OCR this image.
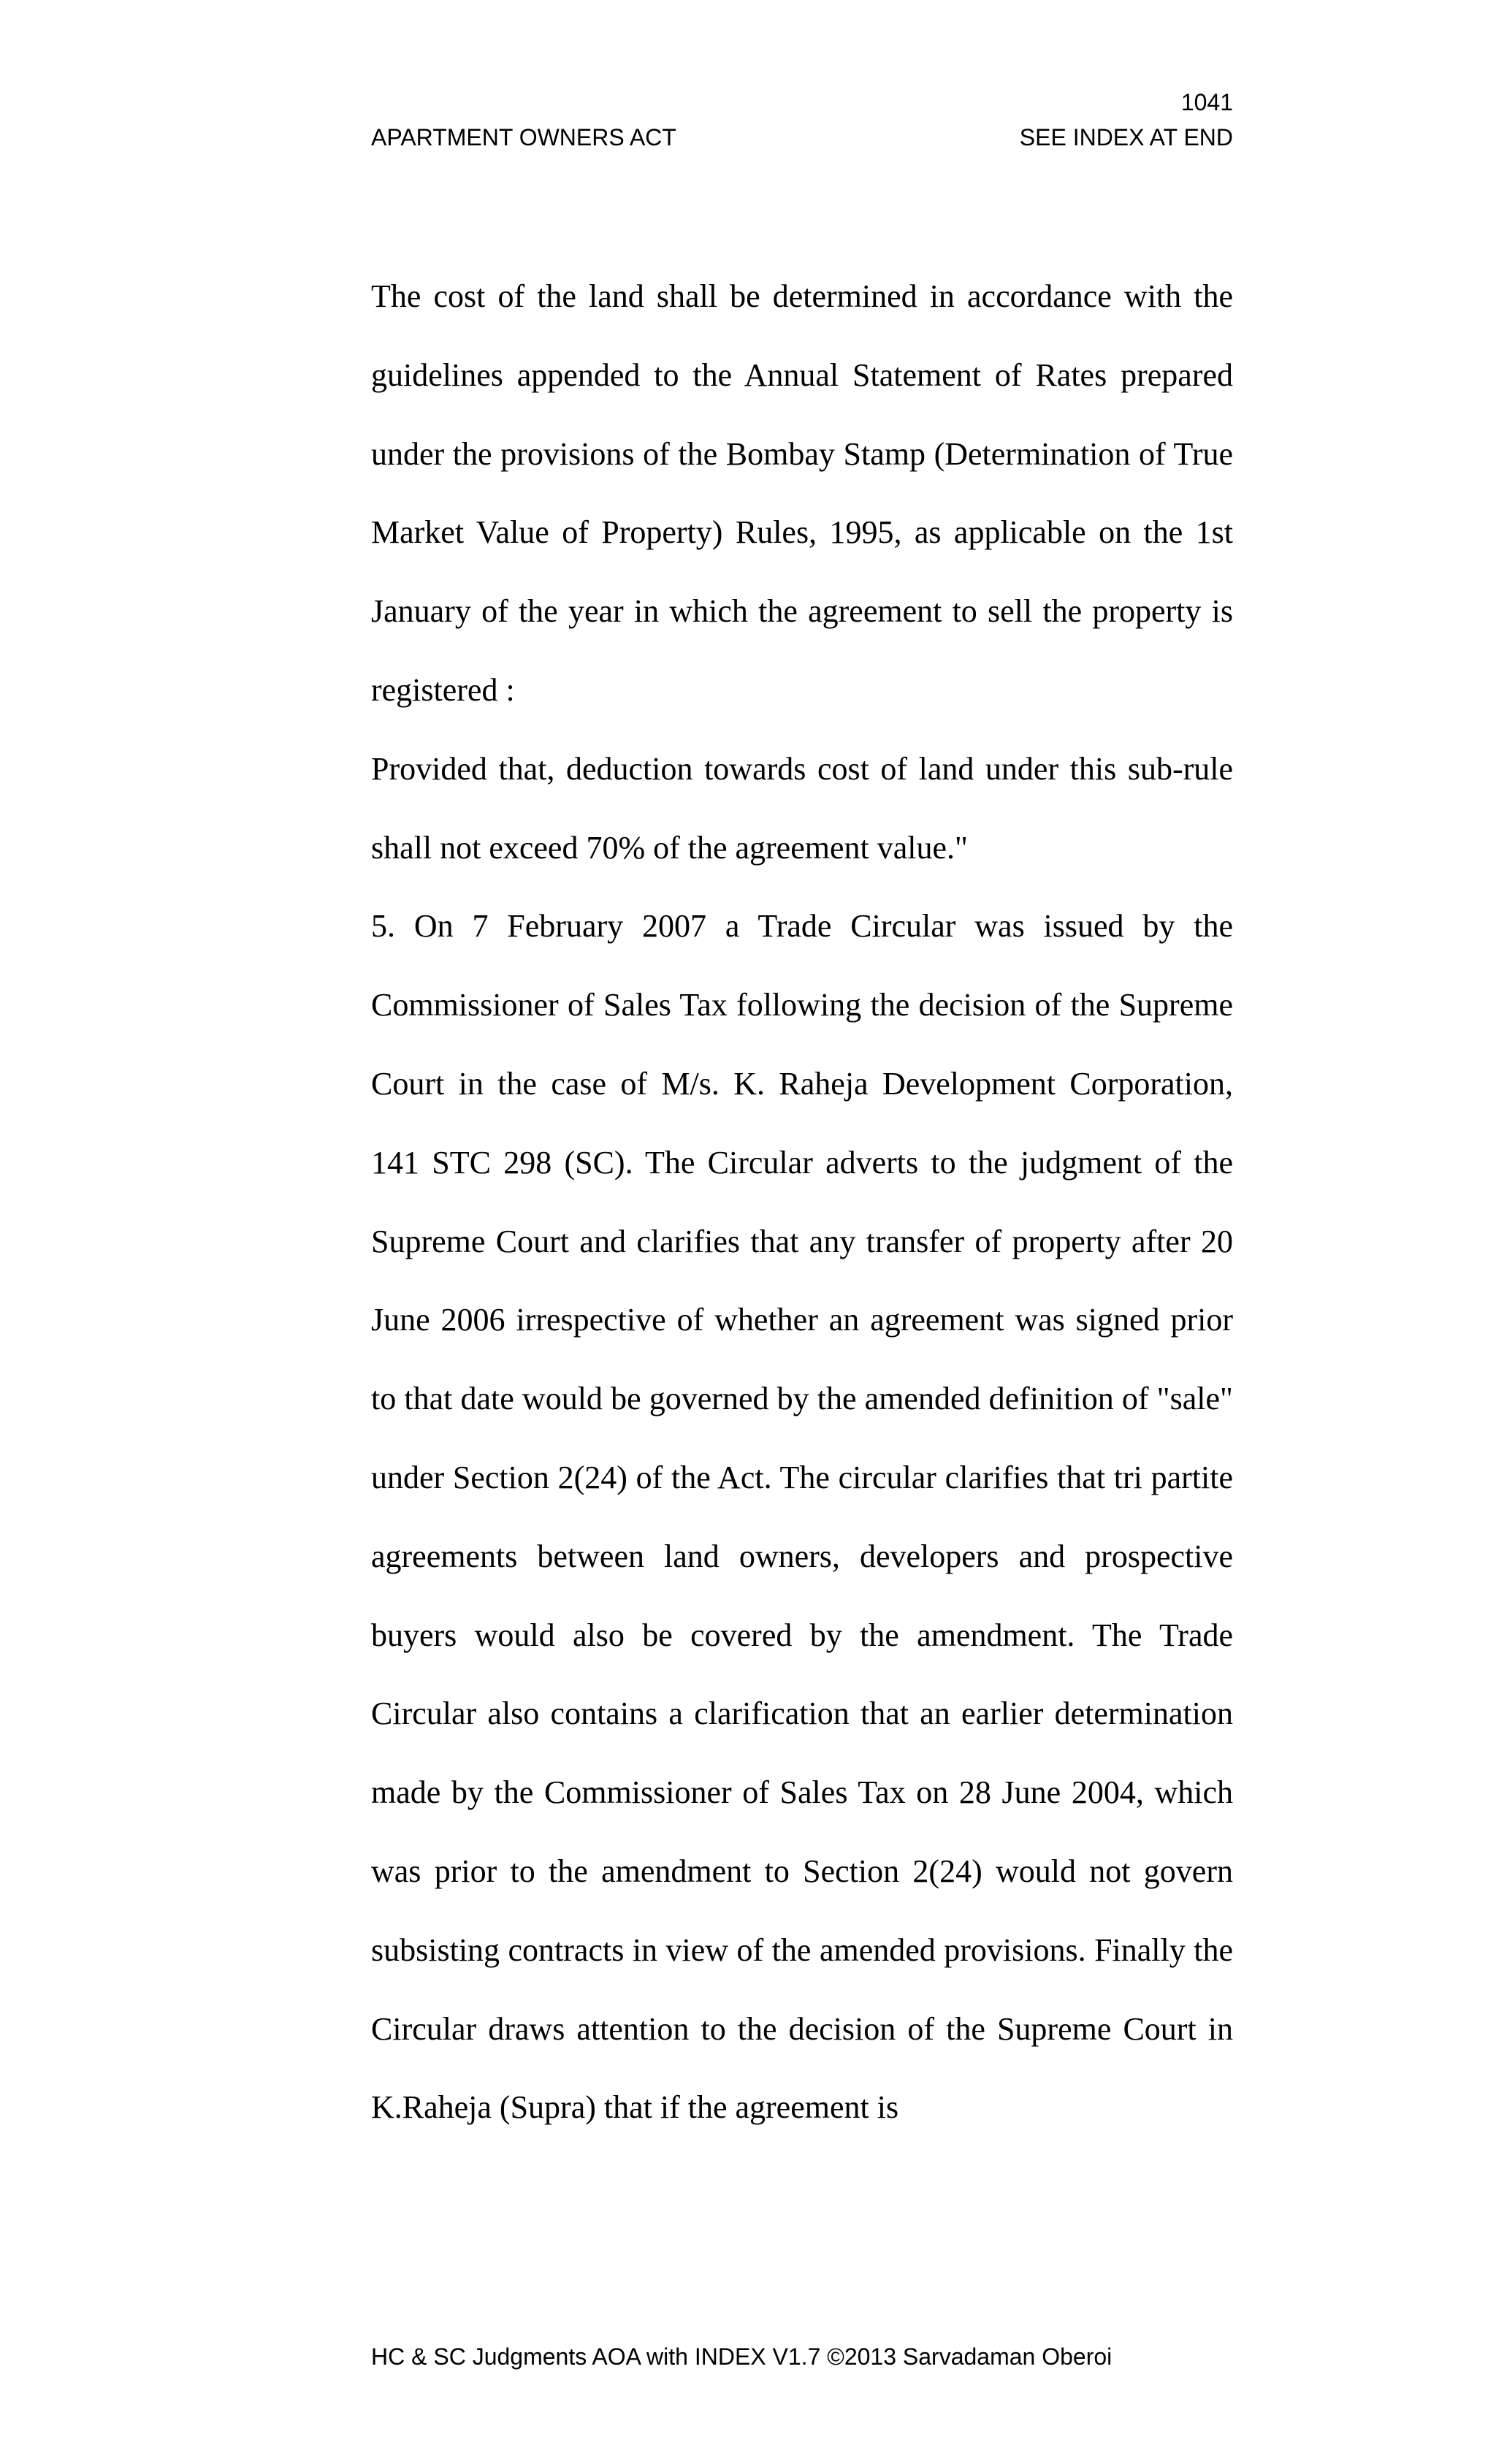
1041
APARTMENT OWNERS ACT	SEE INDEX AT END

The cost of the land shall be determined in accordance with the guidelines appended to the Annual Statement of Rates prepared under the provisions of the Bombay Stamp (Determination of True Market Value of Property) Rules, 1995, as applicable on the 1st January of the year in which the agreement to sell the property is registered :

Provided that, deduction towards cost of land under this sub-rule shall not exceed 70% of the agreement value."

5. On 7 February 2007 a Trade Circular was issued by the Commissioner of Sales Tax following the decision of the Supreme Court in the case of M/s. K. Raheja Development Corporation, 141 STC 298 (SC). The Circular adverts to the judgment of the Supreme Court and clarifies that any transfer of property after 20 June 2006 irrespective of whether an agreement was signed prior to that date would be governed by the amended definition of "sale" under Section 2(24) of the Act. The circular clarifies that tri partite agreements between land owners, developers and prospective buyers would also be covered by the amendment. The Trade Circular also contains a clarification that an earlier determination made by the Commissioner of Sales Tax on 28 June 2004, which was prior to the amendment to Section 2(24) would not govern subsisting contracts in view of the amended provisions. Finally the Circular draws attention to the decision of the Supreme Court in K.Raheja (Supra) that if the agreement is

HC & SC Judgments AOA with INDEX V1.7 ©2013 Sarvadaman Oberoi
